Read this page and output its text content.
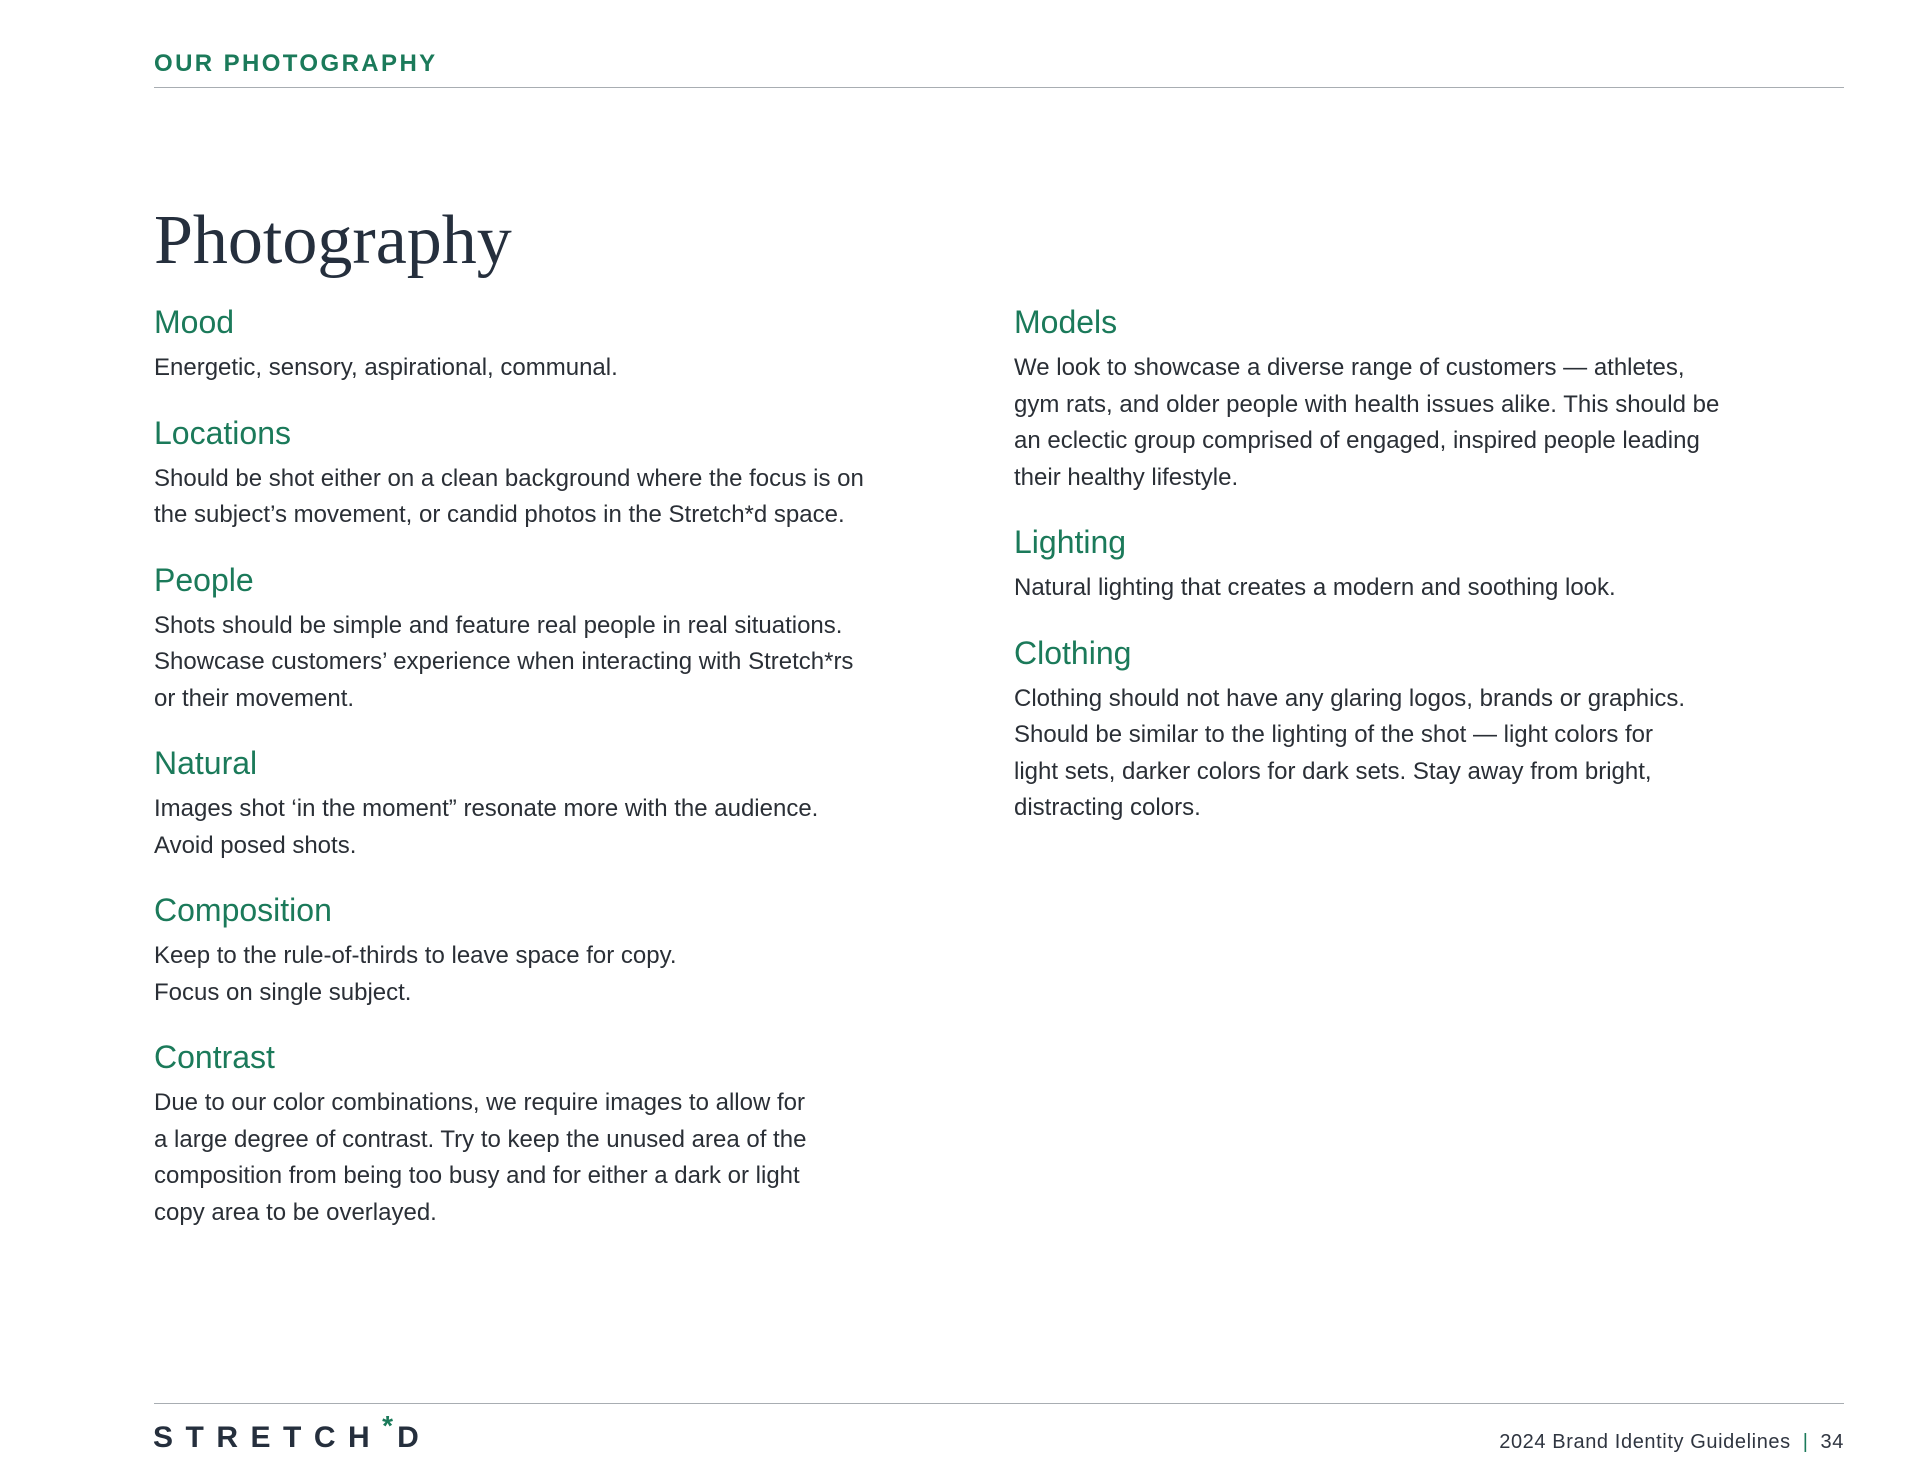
OUR PHOTOGRAPHY
Photography
Mood

Energetic, sensory, aspirational, communal.

Locations

Should be shot either on a clean background where the focus is on
the subject’s movement, or candid photos in the Stretch*d space.

People

Shots should be simple and feature real people in real situations.
Showcase customers’ experience when interacting with Stretch*rs
or their movement.

Natural

Images shot ‘in the moment” resonate more with the audience.
Avoid posed shots.

Composition

Keep to the rule-of-thirds to leave space for copy.
Focus on single subject.

Contrast

Due to our color combinations, we require images to allow for
a large degree of contrast. Try to keep the unused area of the
composition from being too busy and for either a dark or light
copy area to be overlayed.

Models

We look to showcase a diverse range of customers — athletes,
gym rats, and older people with health issues alike. This should be
an eclectic group comprised of engaged, inspired people leading
their healthy lifestyle.

Lighting

Natural lighting that creates a modern and soothing look.

Clothing

Clothing should not have any glaring logos, brands or graphics.
Should be similar to the lighting of the shot — light colors for
light sets, darker colors for dark sets. Stay away from bright,
distracting colors.

STRETCH* D	2024 Brand Identity Guidelines | 34
